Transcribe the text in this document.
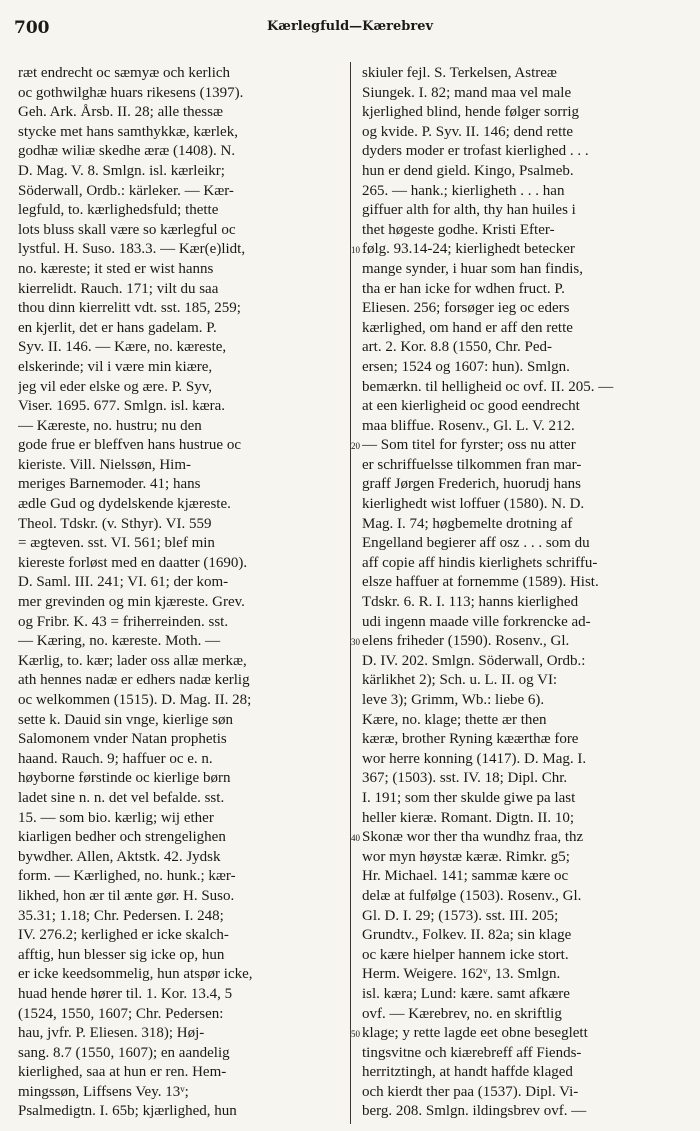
700	Kærlegfuld—Kærebrev
ræt endrecht oc sæmyæ och kerlich
oc gothwilghæ huars rikesens (1397).
Geh. Ark. Årsb. II. 28; alle thessæ
stycke met hans samthykkæ, kærlek,
godhæ wiliæ skedhe æræ (1408). N.
D. Mag. V. 8. Smlgn. isl. kærleikr;
Söderwall, Ordb.: kärleker. — Kær-
legfuld, to. kærlighedsfuld; thette
lots bluss skall være so kærlegful oc
lystful. H. Suso. 183.3. — Kær(e)lidt,
no. kæreste; it sted er wist hanns
kierrelidt. Rauch. 171; vilt du saa
thou dinn kierrelitt vdt. sst. 185, 259;
en kjerlit, det er hans gadelam. P.
Syv. II. 146. — Kære, no. kæreste,
elskerinde; vil i være min kiære,
jeg vil eder elske og ære. P. Syv,
Viser. 1695. 677. Smlgn. isl. kæra.
— Kæreste, no. hustru; nu den
gode frue er bleffven hans hustrue oc
kieriste. Vill. Nielssøn, Him-
meriges Barnemoder. 41; hans
ædle Gud og dydelskende kjæreste.
Theol. Tdskr. (v. Sthyr). VI. 559
= ægteven. sst. VI. 561; blef min
kiereste forløst med en daatter (1690).
D. Saml. III. 241; VI. 61; der kom-
mer grevinden og min kjæreste. Grev.
og Fribr. K. 43 = friherreinden. sst.
— Kæring, no. kæreste. Moth. —
Kærlig, to. kær; lader oss allæ merkæ,
ath hennes nadæ er edhers nadæ kerlig
oc welkommen (1515). D. Mag. II. 28;
sette k. Dauid sin vnge, kierlige søn
Salomonem vnder Natan prophetis
haand. Rauch. 9; haffuer oc e. n.
høyborne førstinde oc kierlige børn
ladet sine n. n. det vel befalde. sst.
15. — som bio. kærlig; wij ether
kiarligen bedher och strengelighen
bywdher. Allen, Aktstk. 42. Jydsk
form. — Kærlighed, no. hunk.; kær-
likhed, hon ær til ænte gør. H. Suso.
35.31; 1.18; Chr. Pedersen. I. 248;
IV. 276.2; kerlighed er icke skalch-
afftig, hun blesser sig icke op, hun
er icke keedsommelig, hun atspør icke,
huad hende hører til. 1. Kor. 13.4, 5
(1524, 1550, 1607; Chr. Pedersen:
hau, jvfr. P. Eliesen. 318); Høj-
sang. 8.7 (1550, 1607); en aandelig
kierlighed, saa at hun er ren. Hem-
mingssøn, Liffsens Vey. 13ᵛ;
Psalmedigtn. I. 65b; kjærlighed, hun
10
20
30
40
50
skiuler fejl. S. Terkelsen, Astreæ
Siungek. I. 82; mand maa vel male
kjerlighed blind, hende følger sorrig
og kvide. P. Syv. II. 146; dend rette
dyders moder er trofast kierlighed . . .
hun er dend gield. Kingo, Psalmeb.
265. — hank.; kierligheth . . . han
giffuer alth for alth, thy han huiles i
thet høgeste godhe. Kristi Efter-
følg. 93.14-24; kierlighedt betecker
mange synder, i huar som han findis,
tha er han icke for wdhen fruct. P.
Eliesen. 256; forsøger ieg oc eders
kærlighed, om hand er aff den rette
art. 2. Kor. 8.8 (1550, Chr. Ped-
ersen; 1524 og 1607: hun). Smlgn.
bemærkn. til helligheid oc ovf. II. 205. —
at een kierligheid oc good eendrecht
maa bliffue. Rosenv., Gl. L. V. 212.
— Som titel for fyrster; oss nu atter
er schriffuelsse tilkommen fran mar-
graff Jørgen Frederich, huorudj hans
kierlighedt wist loffuer (1580). N. D.
Mag. I. 74; høgbemelte drotning af
Engelland begierer aff osz . . . som du
aff copie aff hindis kierlighets schriffu-
elsze haffuer at fornemme (1589). Hist.
Tdskr. 6. R. I. 113; hanns kierlighed
udi ingenn maade ville forkrencke ad-
elens friheder (1590). Rosenv., Gl.
D. IV. 202. Smlgn. Söderwall, Ordb.:
kärlikhet 2); Sch. u. L. II. og VI:
leve 3); Grimm, Wb.: liebe 6).
Kære, no. klage; thette ær then
kæræ, brother Ryning kæærthæ fore
wor herre konning (1417). D. Mag. I.
367; (1503). sst. IV. 18; Dipl. Chr.
I. 191; som ther skulde giwe pa last
heller kieræ. Romant. Digtn. II. 10;
Skonæ wor ther tha wundhz fraa, thz
wor myn høystæ kæræ. Rimkr. g5;
Hr. Michael. 141; sammæ kære oc
delæ at fulfølge (1503). Rosenv., Gl.
Gl. D. I. 29; (1573). sst. III. 205;
Grundtv., Folkev. II. 82a; sin klage
oc kære hielper hannem icke stort.
Herm. Weigere. 162ᵛ, 13. Smlgn.
isl. kæra; Lund: kære. samt afkære
ovf. — Kærebrev, no. en skriftlig
klage; y rette lagde eet obne beseglett
tingsvitne och kiærebreff aff Fiends-
herritztingh, at handt haffde klaged
och kierdt ther paa (1537). Dipl. Vi-
berg. 208. Smlgn. ildingsbrev ovf. —
